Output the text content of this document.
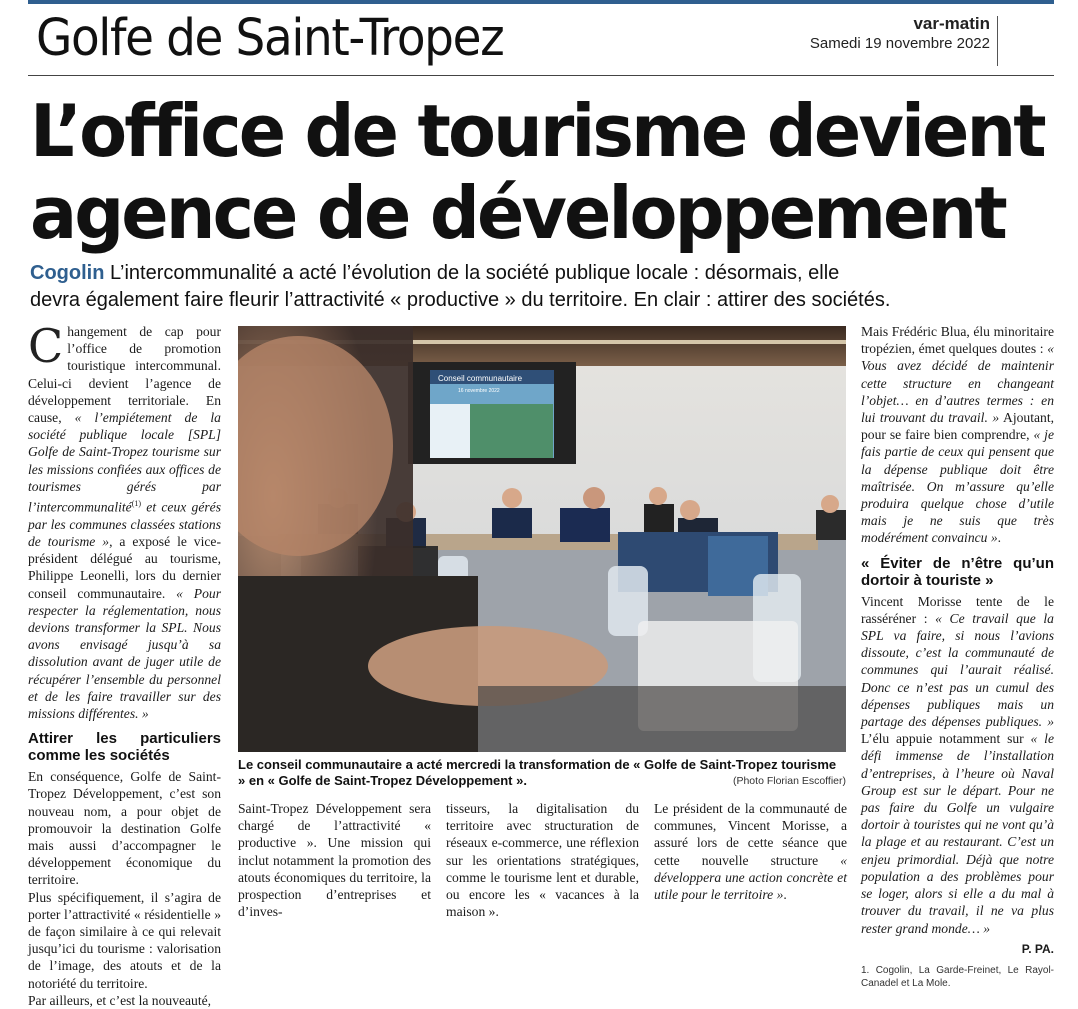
Golfe de Saint-Tropez	var-matin
Samedi 19 novembre 2022
L’office de tourisme devient
agence de développement
Cogolin L’intercommunalité a acté l’évolution de la société publique locale : désormais, elle
devra également faire fleurir l’attractivité « productive » du territoire. En clair : attirer des sociétés.

Changement de cap pour l’office de promotion touristique intercommunal. Celui-ci devient l’agence de développement territoriale. En cause, « l’empiétement de la société publique locale [SPL] Golfe de Saint-Tropez tourisme sur les missions confiées aux offices de tourismes gérés par l’intercommunalité$^{(1)}$ et ceux gérés par les communes classées stations de tourisme », a exposé le vice-président délégué au tourisme, Philippe Leonelli, lors du dernier conseil communautaire. « Pour respecter la réglementation, nous devions transformer la SPL. Nous avons envisagé jusqu’à sa dissolution avant de juger utile de récupérer l’ensemble du personnel et de les faire travailler sur des missions différentes. »

Attirer les particuliers comme les sociétés

En conséquence, Golfe de Saint-Tropez Développement, c’est son nouveau nom, a pour objet de promouvoir la destination Golfe mais aussi d’accompagner le développement économique du territoire.

Plus spécifiquement, il s’agira de porter l’attractivité « résidentielle » de façon similaire à ce qui relevait jusqu’ici du tourisme : valorisation de l’image, des atouts et de la notoriété du territoire.

Par ailleurs, et c’est la nouveauté,

Conseil communautaire
16 novembre 2022
Le conseil communautaire a acté mercredi la transformation de « Golfe de Saint-Tropez tourisme » en « Golfe de Saint-Tropez Développement ».	(Photo Florian Escoffier)

Saint-Tropez Développement sera chargé de l’attractivité « productive ». Une mission qui inclut notamment la promotion des atouts économiques du territoire, la prospection d’entreprises et d’inves-

tisseurs, la digitalisation du territoire avec structuration de réseaux e-commerce, une réflexion sur les orientations stratégiques, comme le tourisme lent et durable, ou encore les « vacances à la maison ».

Le président de la communauté de communes, Vincent Morisse, a assuré lors de cette séance que cette nouvelle structure « développera une action concrète et utile pour le territoire ».

Mais Frédéric Blua, élu minoritaire tropézien, émet quelques doutes : « Vous avez décidé de maintenir cette structure en changeant l’objet… en d’autres termes : en lui trouvant du travail. » Ajoutant, pour se faire bien comprendre, « je fais partie de ceux qui pensent que la dépense publique doit être maîtrisée. On m’assure qu’elle produira quelque chose d’utile mais je ne suis que très modérément convaincu ».

« Éviter de n’être qu’un dortoir à touriste »

Vincent Morisse tente de le rasséréner : « Ce travail que la SPL va faire, si nous l’avions dissoute, c’est la communauté de communes qui l’aurait réalisé. Donc ce n’est pas un cumul des dépenses publiques mais un partage des dépenses publiques. » L’élu appuie notamment sur « le défi immense de l’installation d’entreprises, à l’heure où Naval Group est sur le départ. Pour ne pas faire du Golfe un vulgaire dortoir à touristes qui ne vont qu’à la plage et au restaurant. C’est un enjeu primordial. Déjà que notre population a des problèmes pour se loger, alors si elle a du mal à trouver du travail, il ne va plus rester grand monde… »

P. PA.
1. Cogolin, La Garde-Freinet, Le Rayol-Canadel et La Mole.
